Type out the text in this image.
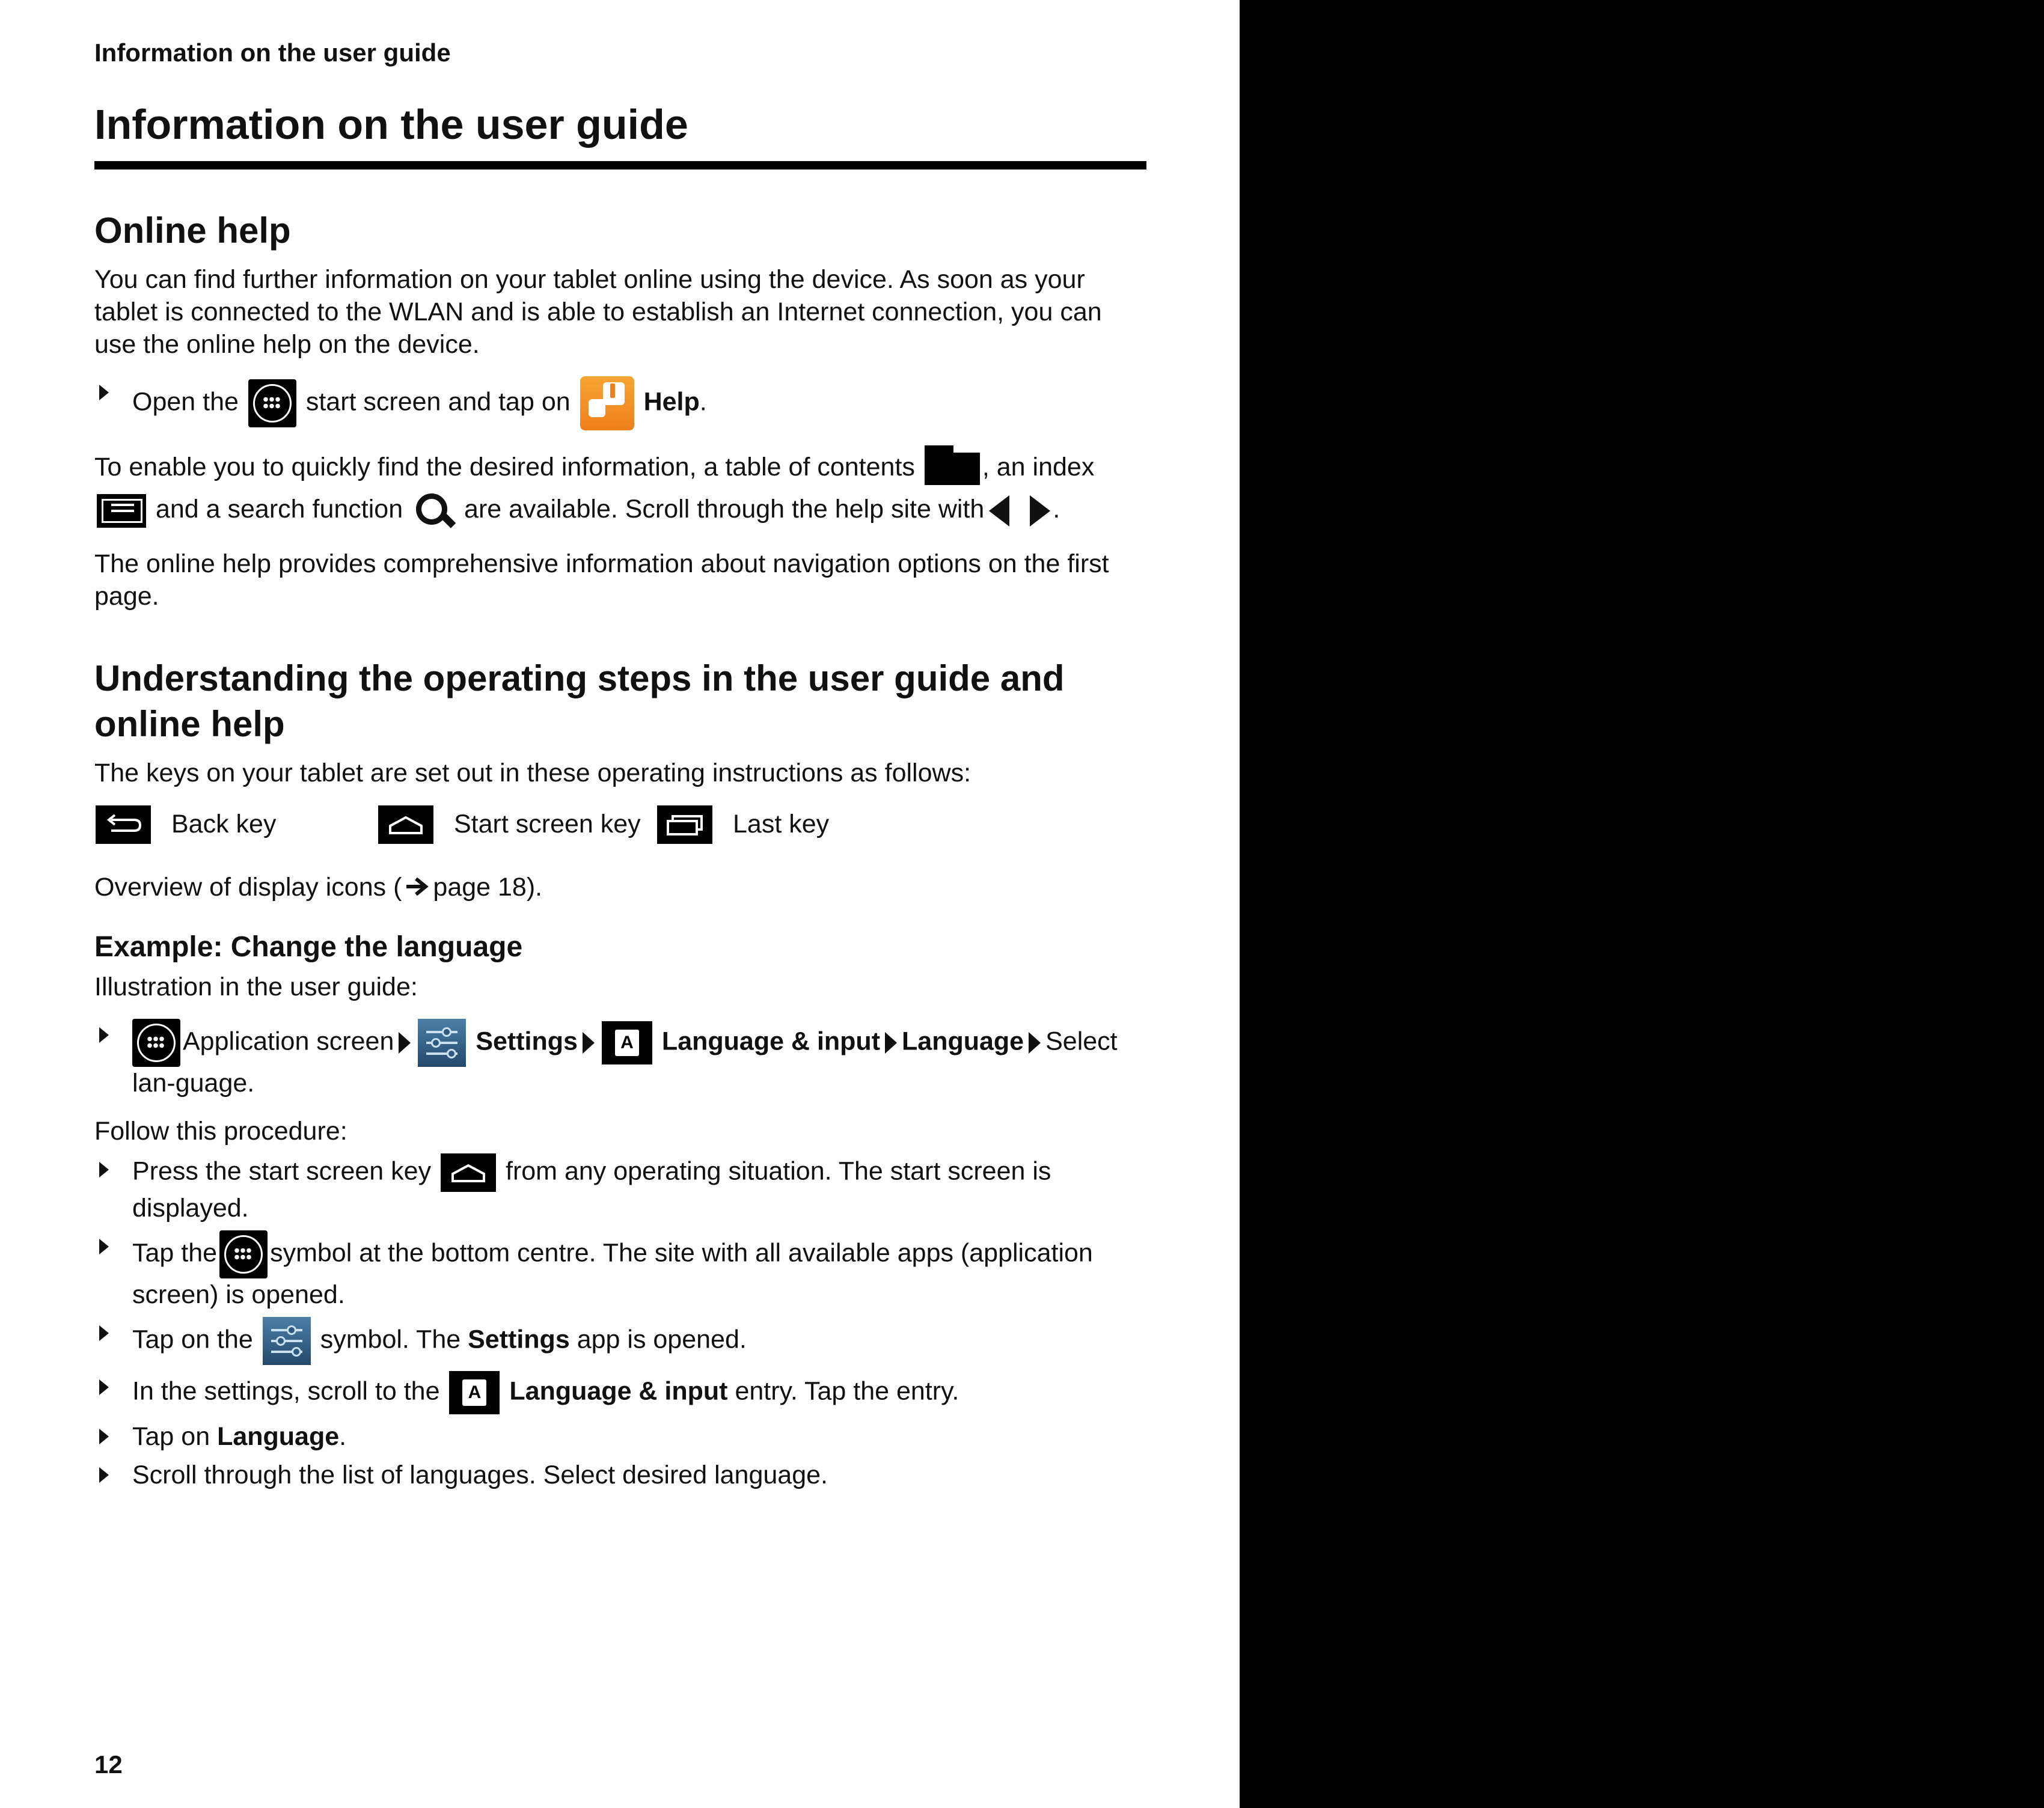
Information on the user guide
Information on the user guide
Online help

You can find further information on your tablet online using the device. As soon as your tablet is connected to the WLAN and is able to establish an Internet connection, you can use the online help on the device.

Open the	start screen and tap on	Help.

To enable you to quickly find the desired information, a table of contents	, an index
and a search function are available. Scroll through the help site with	.

The online help provides comprehensive information about navigation options on the first page.

Understanding the operating steps in the user guide and online help

The keys on your tablet are set out in these operating instructions as follows:

Back key	Start screen key	Last key

Overview of display icons ( page 18).

Example: Change the language

Illustration in the user guide:

Application screen	Settings	A Language & input Language Select lan-guage.

Follow this procedure:

Press the start screen key	from any operating situation. The start screen is displayed.
Tap the symbol at the bottom centre. The site with all available apps (application screen) is opened.
Tap on the	symbol. The Settings app is opened.
In the settings, scroll to the	A Language & input entry. Tap the entry.
Tap on Language.
Scroll through the list of languages. Select desired language.
12
